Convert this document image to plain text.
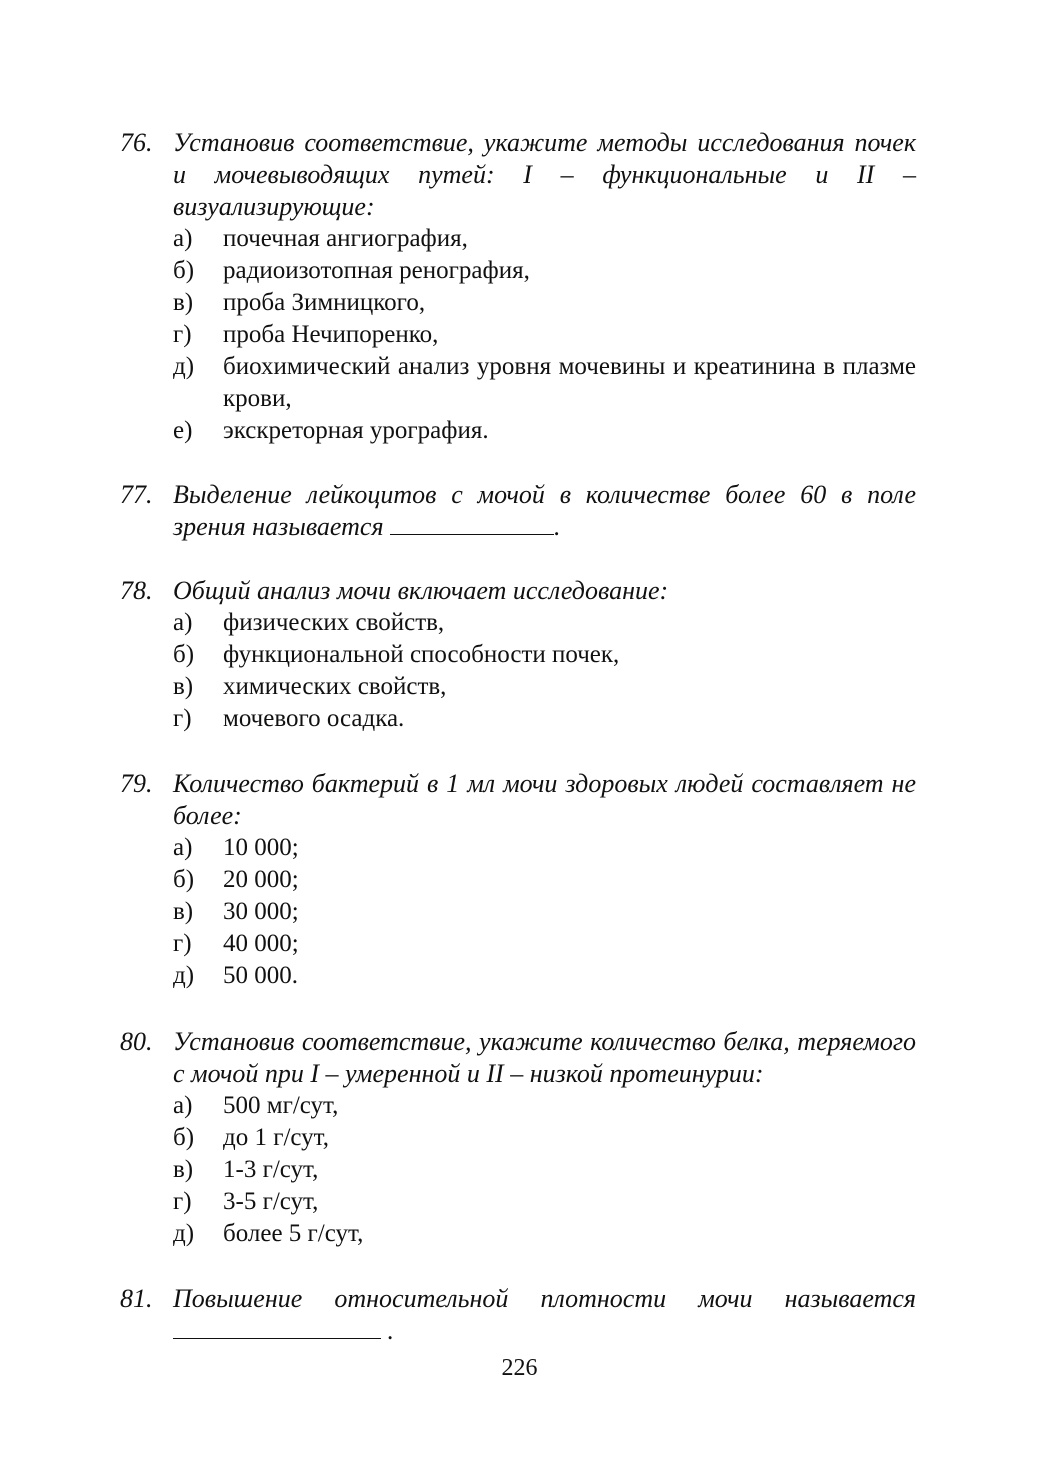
76. Установив соответствие, укажите методы исследования почек и мочевыводящих путей: I – функциональные и II – визуализирующие:
а) почечная ангиография,
б) радиоизотопная ренография,
в) проба Зимницкого,
г) проба Нечипоренко,
д) биохимический анализ уровня мочевины и креатинина в плазме крови,
е) экскреторная урография.
77. Выделение лейкоцитов с мочой в количестве более 60 в поле зрения называется	.
78. Общий анализ мочи включает исследование:
а) физических свойств,
б) функциональной способности почек,
в) химических свойств,
г) мочевого осадка.
79. Количество бактерий в 1 мл мочи здоровых людей составляет не более:
а) 10 000;
б) 20 000;
в) 30 000;
г) 40 000;
д) 50 000.
80. Установив соответствие, укажите количество белка, теряемого с мочой при I – умеренной и II – низкой протеинурии:
а) 500 мг/сут,
б) до 1 г/сут,
в) 1-3 г/сут,
г) 3-5 г/сут,
д) более 5 г/сут,
81. Повышение относительной плотности мочи называется
.
226
